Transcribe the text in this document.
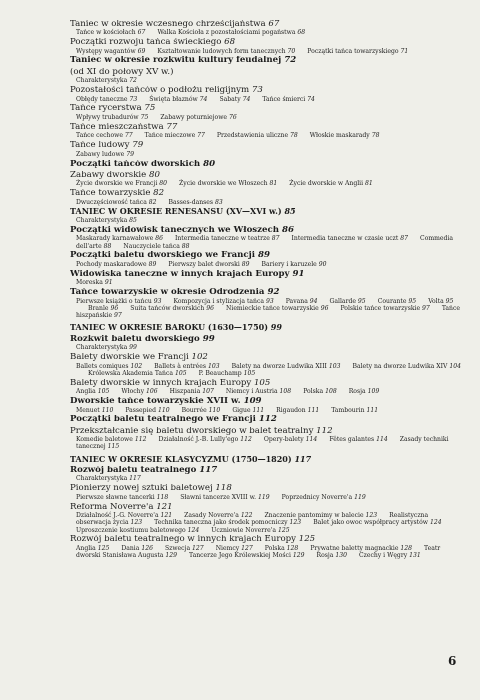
Taniec w okresie wczesnego chrześcijaństwa 67
Tańce w kościołach 67 Walka Kościoła z pozostałościami pogaństwa 68
Początki rozwoju tańca świeckiego 68
Występy wagantów 69 Kształtowanie ludowych form tanecznych 70 Początki tańca towarzyskiego 71
Taniec w okresie rozkwitu kultury feudalnej 72
(od XI do połowy XV w.)
Charakterystyka 72
Pozostałości tańców o podłożu religijnym 73
Obłędy taneczne 73 Święta błaznów 74 Sabaty 74 Tańce śmierci 74
Tańce rycerstwa 75
Wpływy trubadurów 75 Zabawy poturniejowe 76
Tańce mieszczaństwa 77
Tańce cechowe 77 Tańce mieczowe 77 Przedstawienia uliczne 78 Włoskie maskarady 78
Tańce ludowy 79
Zabawy ludowe 79
Początki tańców dworskich 80
Zabawy dworskie 80
Życie dworskie we Francji 80 Życie dworskie we Włoszech 81 Życie dworskie w Anglii 81
Tańce towarzyskie 82
Dwuczęściowość tańca 82 Basses-danses 83
TANIEC W OKRESIE RENESANSU (XV—XVI w.) 85
Charakterystyka 85
Początki widowisk tanecznych we Włoszech 86
Maskarady karnawałowe 86 Intermedia taneczne w teatrze 87 Intermedia taneczne w czasie uczt 87 Commedia dell'arte 88 Nauczyciele tańca 88
Początki baletu dworskiego we Francji 89
Pochody maskaradowe 89 Pierwszy balet dworski 89 Bariery i karuzele 90
Widowiska taneczne w innych krajach Europy 91
Moreska 91
Tańce towarzyskie w okresie Odrodzenia 92
Pierwsze książki o tańcu 93 Kompozycja i stylizacja tańca 93 Pavana 94 Gallarde 95 Courante 95 Volta 95Branle 96 Suita tańców dworskich 96 Niemieckie tańce towarzyskie 96 Polskie tańce towarzyskie 97 Tańce hiszpańskie 97
TANIEC W OKRESIE BAROKU (1630—1750) 99
Rozkwit baletu dworskiego 99
Charakterystyka 99
Balety dworskie we Francji 102
Ballets comiques 102 Ballets à entrées 103 Balety na dworze Ludwika XIII 103 Balety na dworze Ludwika XIV 104Królewska Akademia Tańca 105 P. Beauchamp 105
Balety dworskie w innych krajach Europy 105
Anglia 105 Włochy 106 Hiszpania 107 Niemcy i Austria 108 Polska 108 Rosja 109
Dworskie tańce towarzyskie XVII w. 109
Menuet 110 Passepied 110 Bourrée 110 Gigue 111 Rigaudon 111 Tambourin 111
Początki baletu teatralnego we Francji 112
Przekształcanie się baletu dworskiego w balet teatralny 112
Komedie baletowe 112 Działalność J.-B. Lully'ego 112 Opery-balety 114 Fêtes galantes 114 Zasady techniki tanecznej 115
TANIEC W OKRESIE KLASYCYZMU (1750—1820) 117
Rozwój baletu teatralnego 117
Charakterystyka 117
Pionierzy nowej sztuki baletowej 118
Pierwsze sławne tancerki 118 Sławni tancerze XVIII w. 119 Poprzednicy Noverre'a 119
Reforma Noverre'a 121
Działalność J.-G. Noverre'a 121 Zasady Noverre'a 122 Znaczenie pantomimy w balecie 123 Realistyczna obserwacja życia 123 Technika taneczna jako środek pomocniczy 123 Balet jako owoc współpracy artystów 124Uproszczenie kostiumu baletowego 124 Uczniowie Noverre'a 125
Rozwój baletu teatralnego w innych krajach Europy 125
Anglia 125 Dania 126 Szwecja 127 Niemcy 127 Polska 128 Prywatne baletty magnackie 128 Teatr dworski Stanisława Augusta 129 Tancerze Jego Królewskiej Mości 129 Rosja 130 Czechy i Węgry 131
6
